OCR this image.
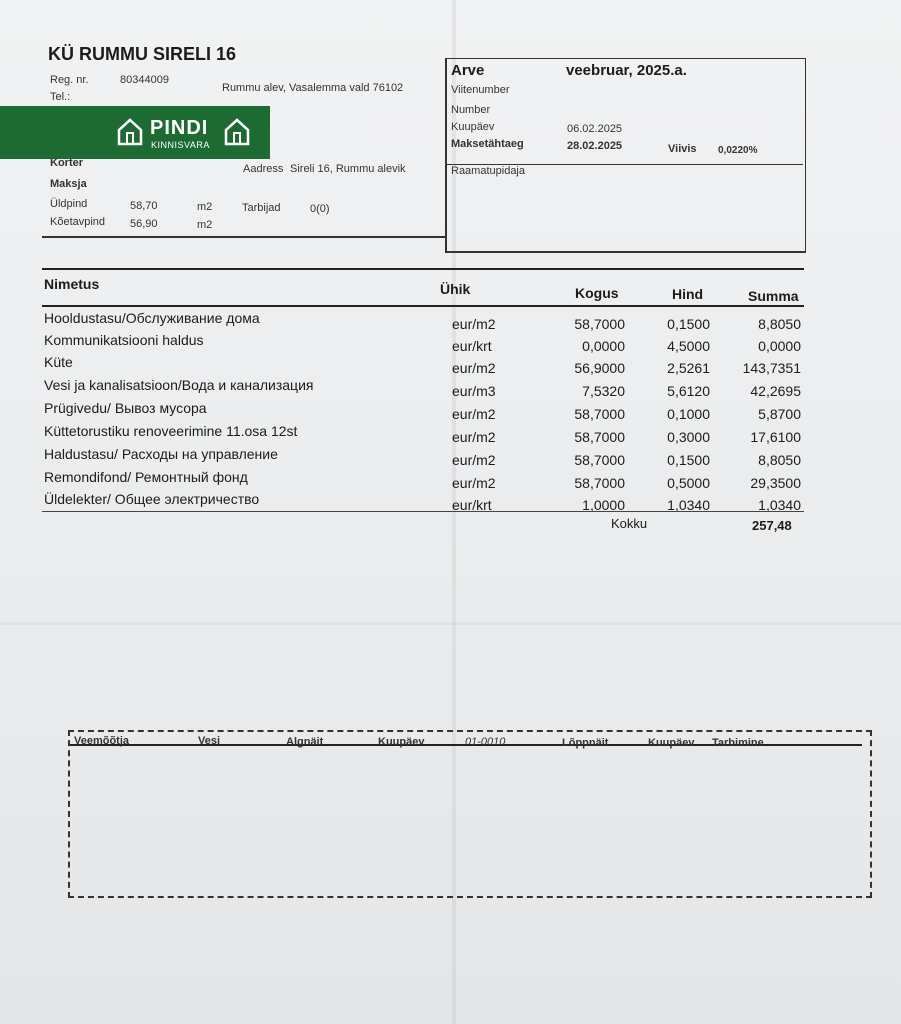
KÜ RUMMU SIRELI 16
Reg. nr.	80344009
Rummu alev, Vasalemma vald 76102
Tel.:
PINDI
KINNISVARA
Korter	Aadress Sireli 16, Rummu alevik
Maksja
Üldpind	58,70	m2	Tarbijad	0(0)
Kõetavpind 56,90	m2
Arve	veebruar, 2025.a.
Viitenumber
Number
Kuupäev	06.02.2025
Maksetähtaeg	28.02.2025	Viivis 0,0220%
Raamatupidaja
Nimetus	Ühik	Kogus	Hind	Summa
Hooldustasu/Обслуживание дома	eur/m2	58,7000	0,1500	8,8050
Kommunikatsiooni haldus	eur/krt	0,0000	4,5000	0,0000
Küte	eur/m2	56,9000	2,5261	143,7351
Vesi ja kanalisatsioon/Вода и канализация	eur/m3	7,5320	5,6120	42,2695
Prügivedu/ Вывоз мусора	eur/m2	58,7000	0,1000	5,8700
Küttetorustiku renoveerimine 11.osa 12st	eur/m2	58,7000	0,3000	17,6100
Haldustasu/ Расходы на управление	eur/m2	58,7000	0,1500	8,8050
Remondifond/ Ремонтный фонд	eur/m2	58,7000	0,5000	29,3500
Üldelekter/ Общее электричество	eur/krt	1,0000	1,0340	1,0340
Kokku	257,48
Veemõõtja	Vesi	Algnäit	Kuupäev	01-0010	Lõppnäit	Kuupäev Tarbimine
